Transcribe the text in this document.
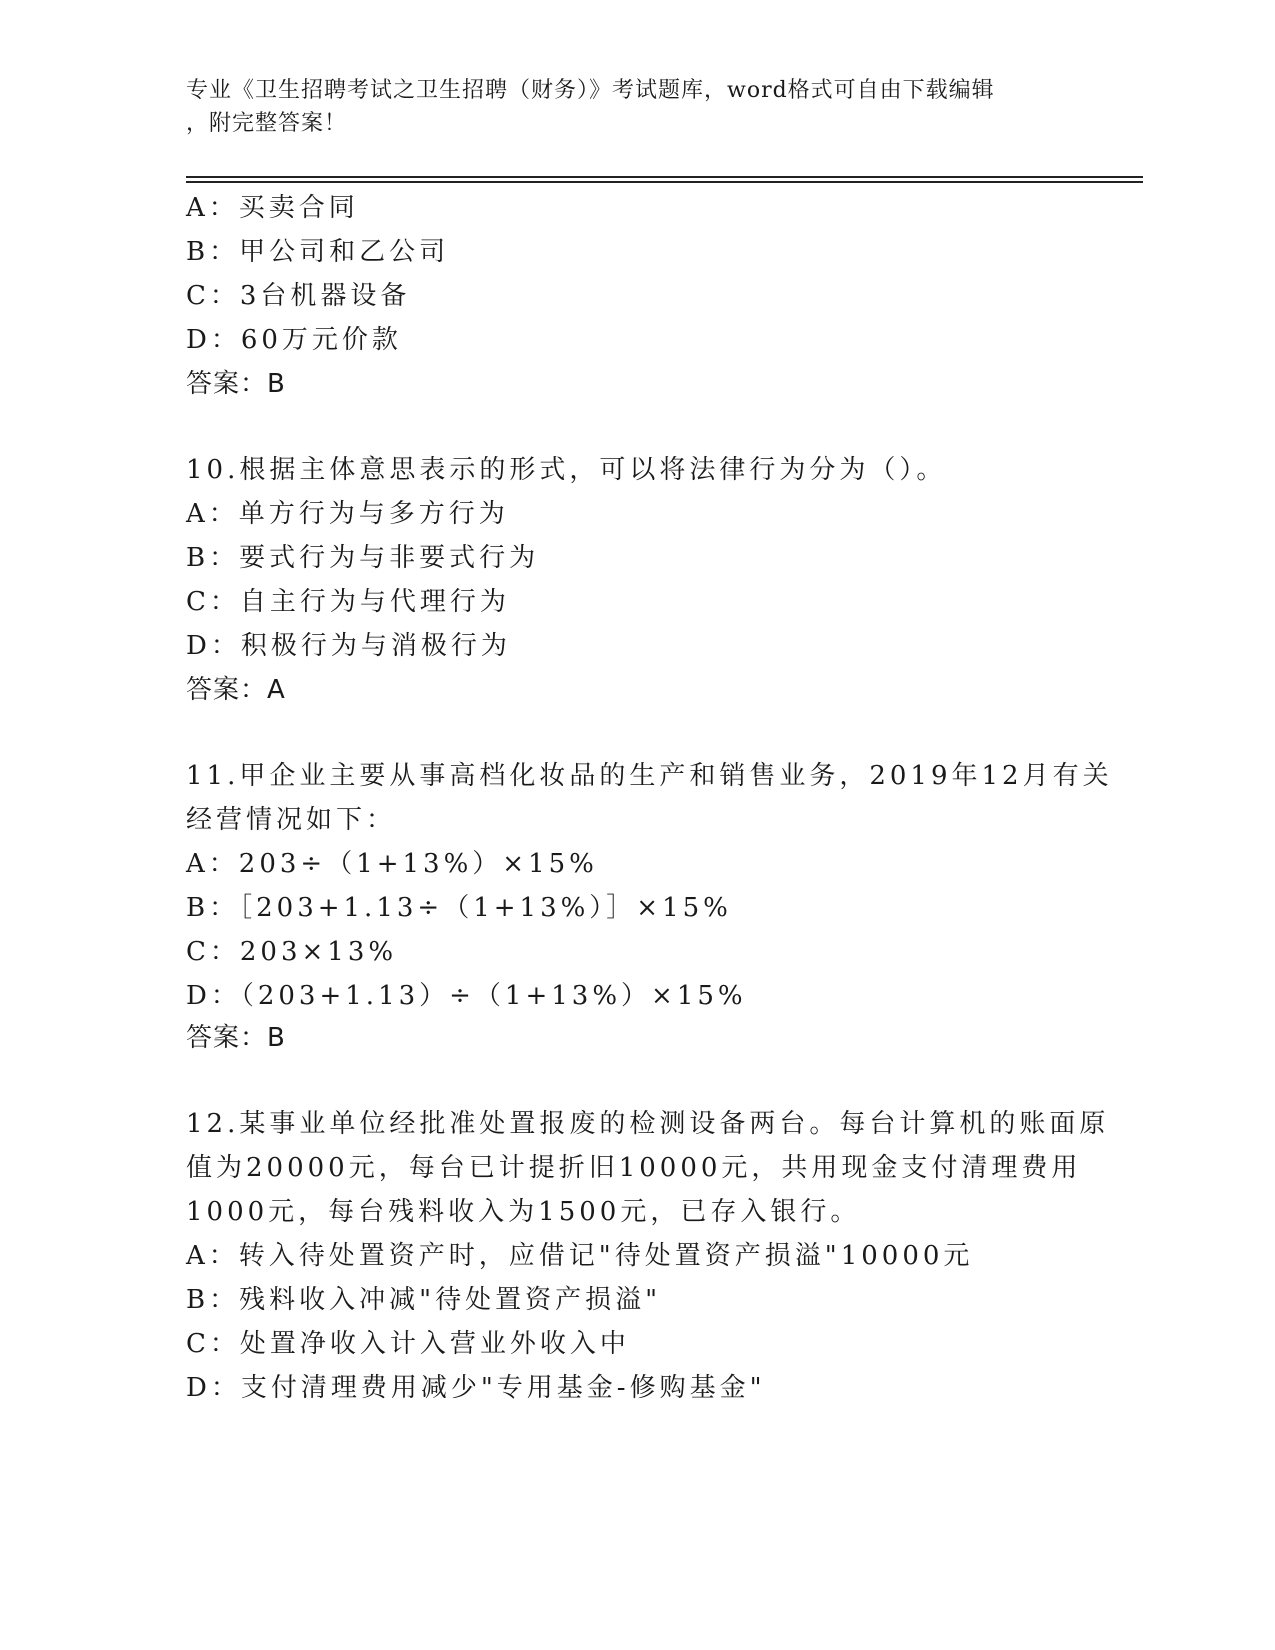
专业《卫生招聘考试之卫生招聘（财务）》考试题库，word格式可自由下载编辑
，附完整答案！

A：买卖合同

B：甲公司和乙公司

C：3台机器设备

D：60万元价款

答案：B

10.根据主体意思表示的形式，可以将法律行为分为（）。

A：单方行为与多方行为

B：要式行为与非要式行为

C：自主行为与代理行为

D：积极行为与消极行为

答案：A

11.甲企业主要从事高档化妆品的生产和销售业务，2019年12月有关

经营情况如下：

A：203÷（1+13%）×15%

B：［203+1.13÷（1+13%）］×15%

C：203×13%

D：（203+1.13）÷（1+13%）×15%

答案：B

12.某事业单位经批准处置报废的检测设备两台。每台计算机的账面原

值为20000元，每台已计提折旧10000元，共用现金支付清理费用

1000元，每台残料收入为1500元，已存入银行。

A：转入待处置资产时，应借记"待处置资产损溢"10000元

B：残料收入冲减"待处置资产损溢"

C：处置净收入计入营业外收入中

D：支付清理费用减少"专用基金-修购基金"
